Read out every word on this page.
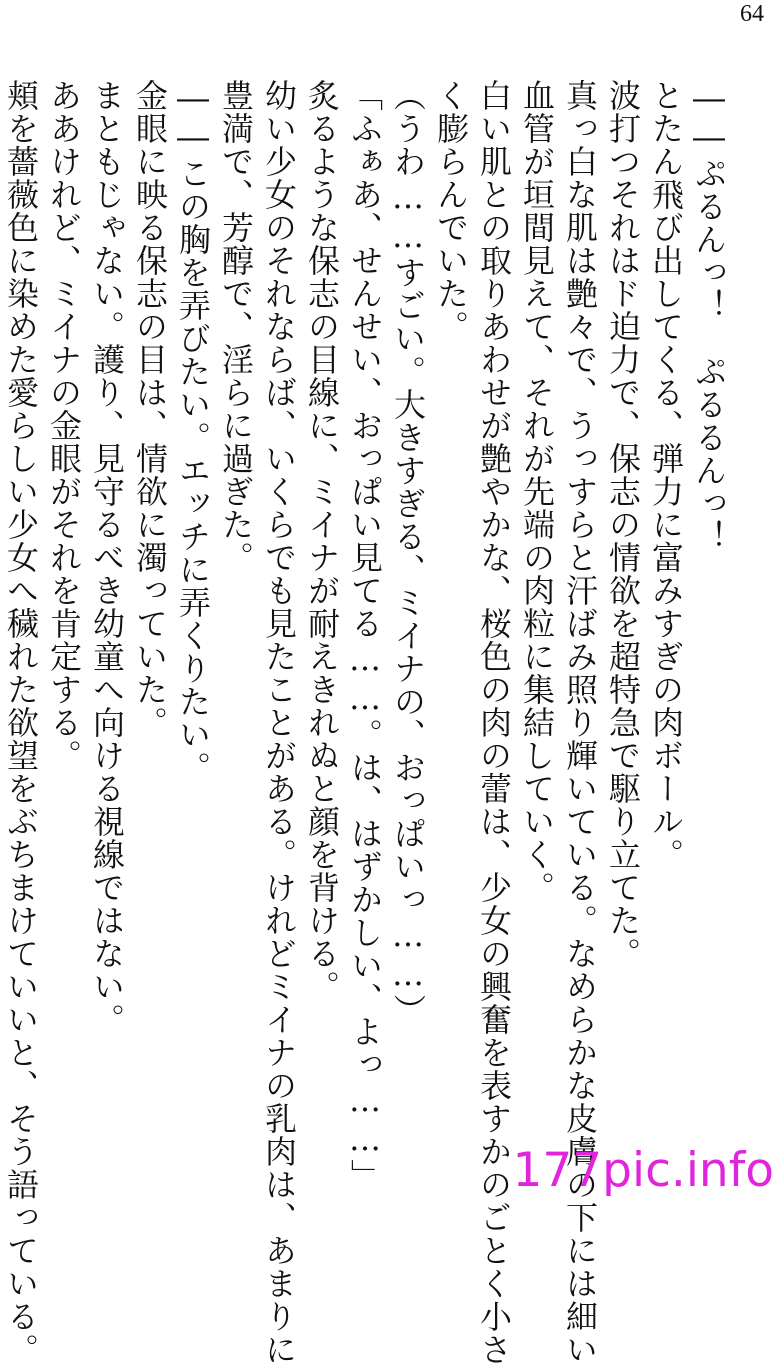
64

――ぷるんっ！　ぷるるんっ！

とたん飛び出してくる、弾力に富みすぎの肉ボール。

波打つそれはド迫力で、保志の情欲を超特急で駆り立てた。

真っ白な肌は艶々で、うっすらと汗ばみ照り輝いている。なめらかな皮膚の下には細い

血管が垣間見えて、それが先端の肉粒に集結していく。

白い肌との取りあわせが艶やかな、桜色の肉の蕾は、少女の興奮を表すかのごとく小さ

く膨らんでいた。

（うわ……すごい。大きすぎる、ミイナの、おっぱいっ……）

「ふぁあ、せんせい、おっぱい見てる……。は、はずかしい、よっ……」

炙るような保志の目線に、ミイナが耐えきれぬと顔を背ける。

幼い少女のそれならば、いくらでも見たことがある。けれどミイナの乳肉は、あまりに

豊満で、芳醇で、淫らに過ぎた。

――この胸を弄びたい。エッチに弄くりたい。

金眼に映る保志の目は、情欲に濁っていた。

まともじゃない。護り、見守るべき幼童へ向ける視線ではない。

ああけれど、ミイナの金眼がそれを肯定する。

頬を薔薇色に染めた愛らしい少女へ穢れた欲望をぶちまけていいと、そう語っている。	177pic.info
